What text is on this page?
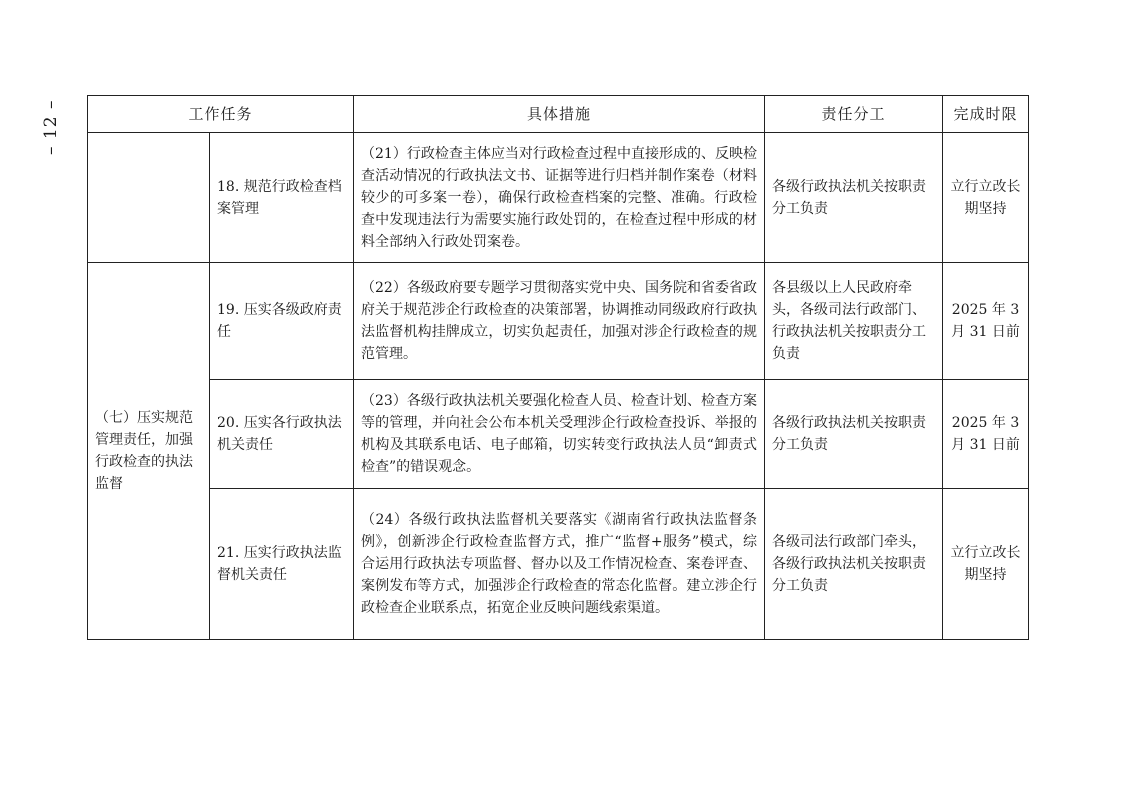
– 12 –	工作任务		具体措施	责任分工	完成时限
	18. 规范行政检查档案管理	（21）行政检查主体应当对行政检查过程中直接形成的、反映检查活动情况的行政执法文书、证据等进行归档并制作案卷（材料较少的可多案一卷），确保行政检查档案的完整、准确。行政检查中发现违法行为需要实施行政处罚的，在检查过程中形成的材料全部纳入行政处罚案卷。	各级行政执法机关按职责分工负责	立行立改长期坚持
（七）压实规范管理责任，加强行政检查的执法监督	19. 压实各级政府责任	（22）各级政府要专题学习贯彻落实党中央、国务院和省委省政府关于规范涉企行政检查的决策部署，协调推动同级政府行政执法监督机构挂牌成立，切实负起责任，加强对涉企行政检查的规范管理。	各县级以上人民政府牵头，各级司法行政部门、行政执法机关按职责分工负责	2025 年 3 月 31 日前
	20. 压实各行政执法机关责任	（23）各级行政执法机关要强化检查人员、检查计划、检查方案等的管理，并向社会公布本机关受理涉企行政检查投诉、举报的机构及其联系电话、电子邮箱，切实转变行政执法人员“卸责式检查”的错误观念。	各级行政执法机关按职责分工负责	2025 年 3 月 31 日前
	21. 压实行政执法监督机关责任	（24）各级行政执法监督机关要落实《湖南省行政执法监督条例》，创新涉企行政检查监督方式，推广“监督+服务”模式，综合运用行政执法专项监督、督办以及工作情况检查、案卷评查、案例发布等方式，加强涉企行政检查的常态化监督。建立涉企行政检查企业联系点，拓宽企业反映问题线索渠道。	各级司法行政部门牵头，各级行政执法机关按职责分工负责	立行立改长期坚持
